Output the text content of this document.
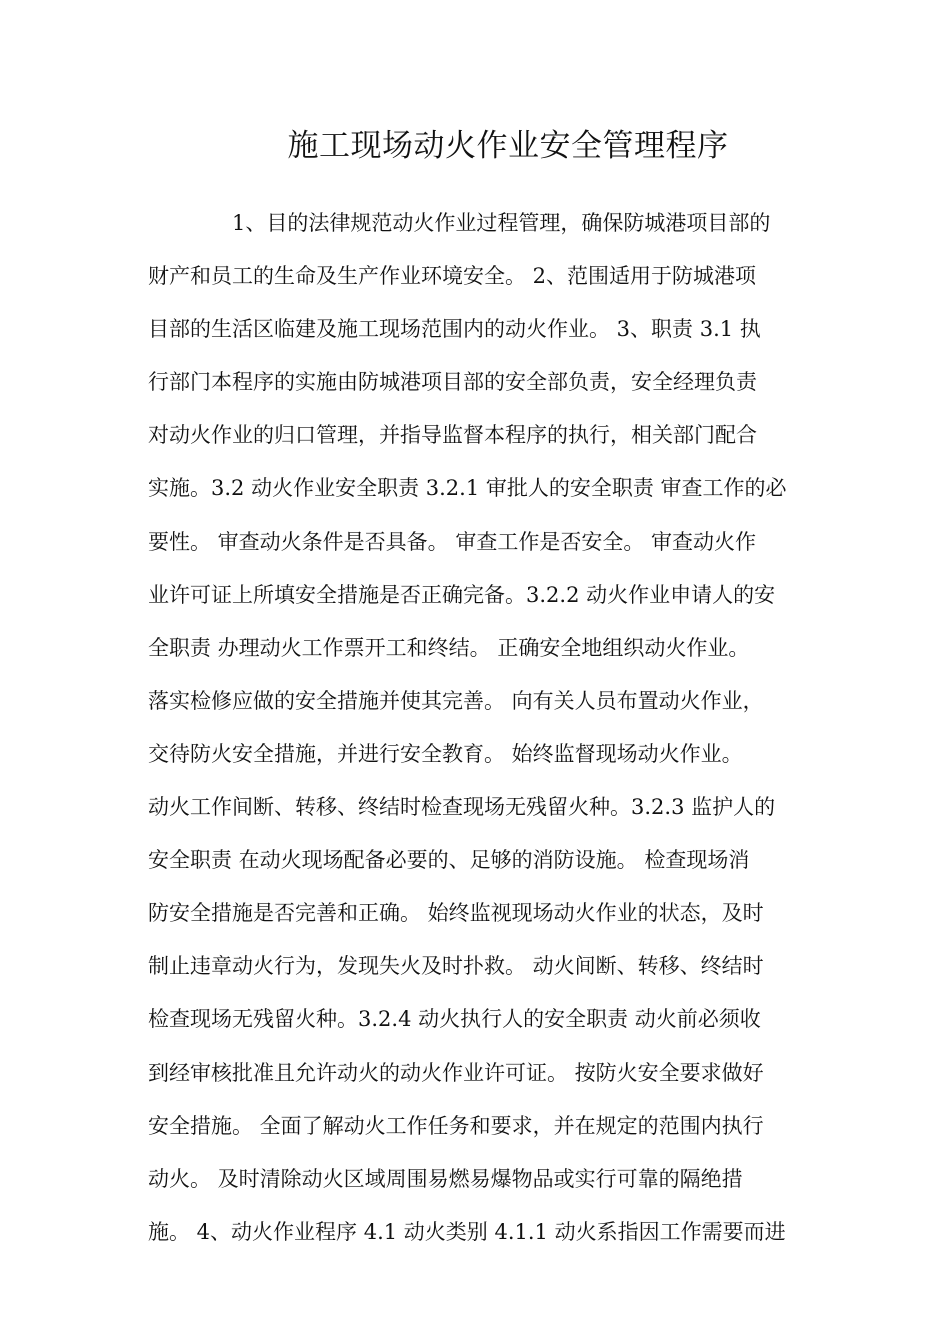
施工现场动火作业安全管理程序
1、目的法律规范动火作业过程管理，确保防城港项目部的
财产和员工的生命及生产作业环境安全。 2、范围适用于防城港项
目部的生活区临建及施工现场范围内的动火作业。 3、职责 3.1 执
行部门本程序的实施由防城港项目部的安全部负责，安全经理负责
对动火作业的归口管理，并指导监督本程序的执行，相关部门配合
实施。3.2 动火作业安全职责 3.2.1 审批人的安全职责 审查工作的必
要性。 审查动火条件是否具备。 审查工作是否安全。 审查动火作
业许可证上所填安全措施是否正确完备。3.2.2 动火作业申请人的安
全职责 办理动火工作票开工和终结。 正确安全地组织动火作业。
落实检修应做的安全措施并使其完善。 向有关人员布置动火作业，
交待防火安全措施，并进行安全教育。 始终监督现场动火作业。
动火工作间断、转移、终结时检查现场无残留火种。3.2.3 监护人的
安全职责 在动火现场配备必要的、足够的消防设施。 检查现场消
防安全措施是否完善和正确。 始终监视现场动火作业的状态，及时
制止违章动火行为，发现失火及时扑救。 动火间断、转移、终结时
检查现场无残留火种。3.2.4 动火执行人的安全职责 动火前必须收
到经审核批准且允许动火的动火作业许可证。 按防火安全要求做好
安全措施。 全面了解动火工作任务和要求，并在规定的范围内执行
动火。 及时清除动火区域周围易燃易爆物品或实行可靠的隔绝措
施。 4、动火作业程序 4.1 动火类别 4.1.1 动火系指因工作需要而进
